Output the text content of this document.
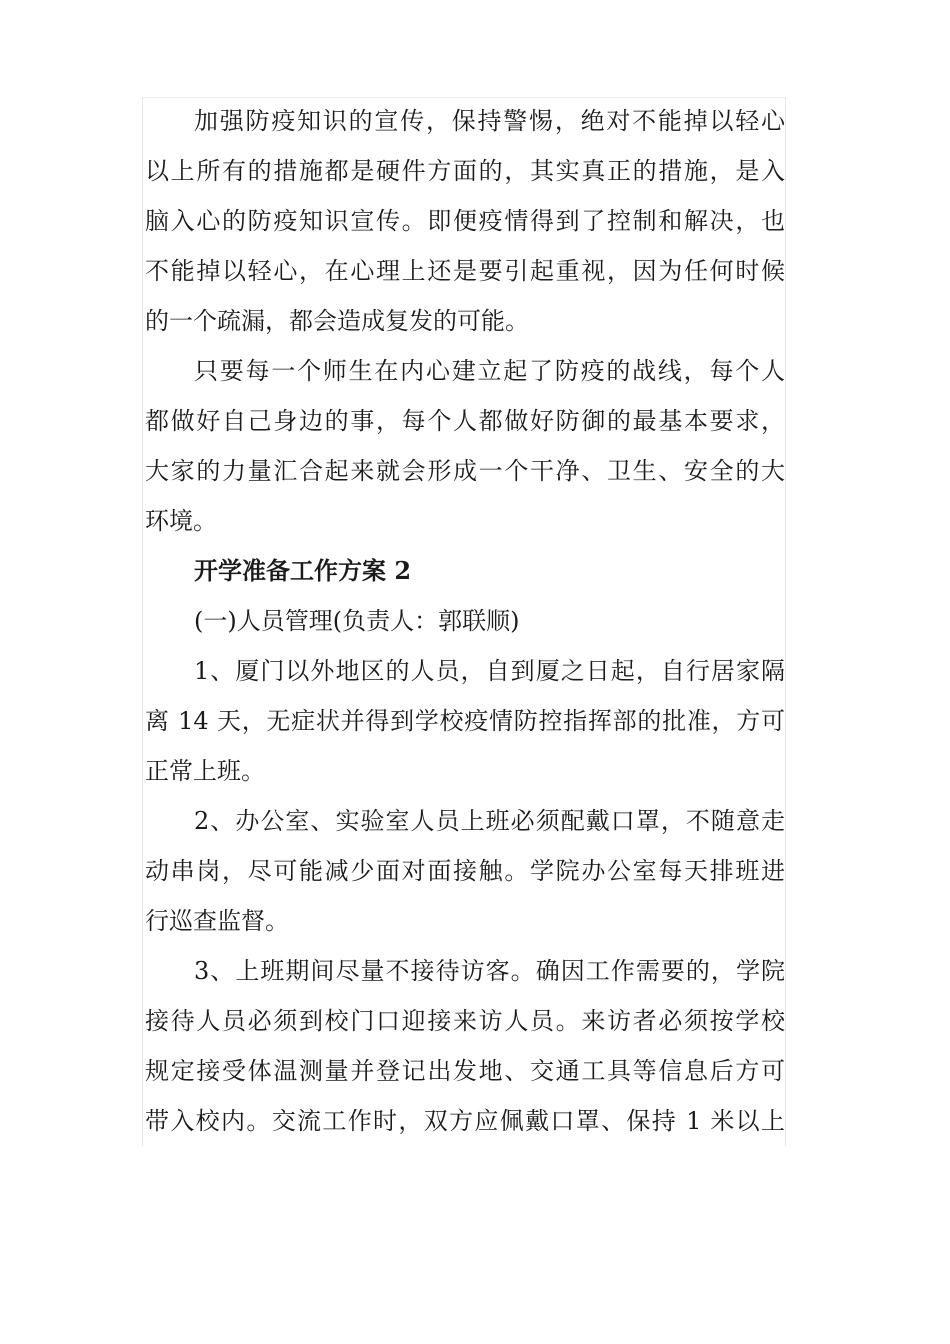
加强防疫知识的宣传，保持警惕，绝对不能掉以轻心
以上所有的措施都是硬件方面的，其实真正的措施，是入
脑入心的防疫知识宣传。即便疫情得到了控制和解决，也
不能掉以轻心，在心理上还是要引起重视，因为任何时候
的一个疏漏，都会造成复发的可能。
只要每一个师生在内心建立起了防疫的战线，每个人
都做好自己身边的事，每个人都做好防御的最基本要求，
大家的力量汇合起来就会形成一个干净、卫生、安全的大
环境。
开学准备工作方案 2
(一)人员管理(负责人：郭联顺)
1、厦门以外地区的人员，自到厦之日起，自行居家隔
离 14 天，无症状并得到学校疫情防控指挥部的批准，方可
正常上班。
2、办公室、实验室人员上班必须配戴口罩，不随意走
动串岗，尽可能减少面对面接触。学院办公室每天排班进
行巡查监督。
3、上班期间尽量不接待访客。确因工作需要的，学院
接待人员必须到校门口迎接来访人员。来访者必须按学校
规定接受体温测量并登记出发地、交通工具等信息后方可
带入校内。交流工作时，双方应佩戴口罩、保持 1 米以上
